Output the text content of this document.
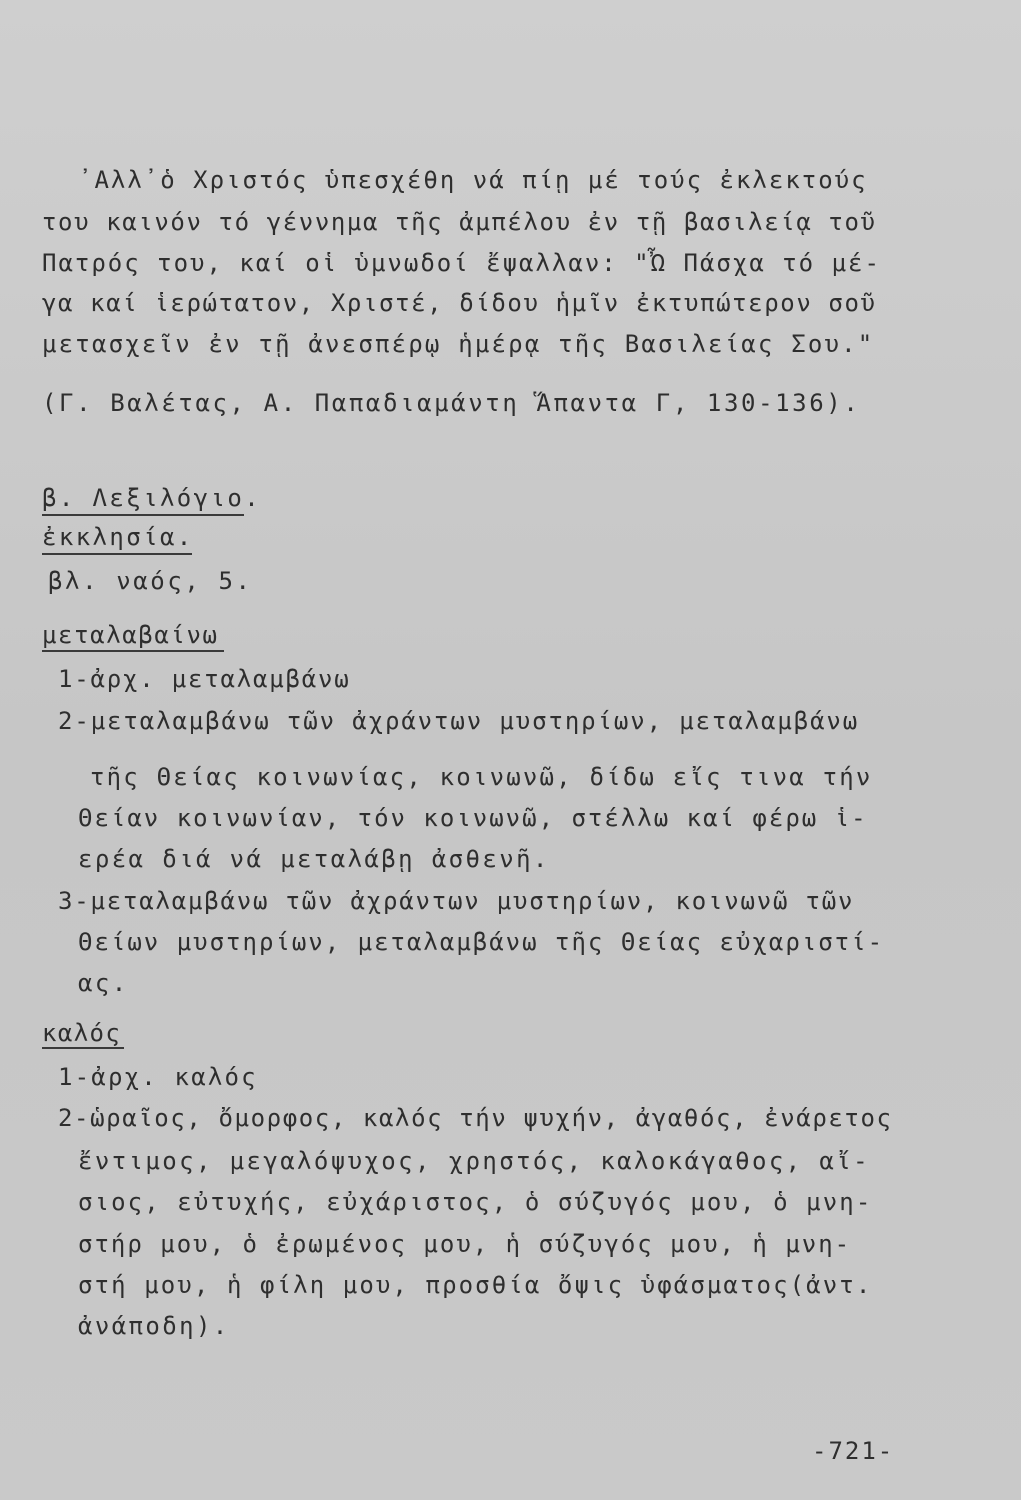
᾿Αλλ᾿ὁ Χριστός ὑπεσχέθη νά πίῃ μέ τούς ἐκλεκτούς
του καινόν τό γέννημα τῆς ἀμπέλου ἐν τῇ βασιλείᾳ τοῦ
Πατρός του, καί οἱ ὑμνωδοί ἔψαλλαν: "Ὦ Πάσχα τό μέ-
γα καί ἱερώτατον, Χριστέ, δίδου ἡμῖν ἐκτυπώτερον σοῦ
μετασχεῖν ἐν τῇ ἀνεσπέρῳ ἡμέρᾳ τῆς Βασιλείας Σου."
(Γ. Βαλέτας, Α. Παπαδιαμάντη Ἅπαντα Γ, 130-136).
β. Λεξιλόγιο.
ἐκκλησία.
βλ. ναός, 5.
μεταλαβαίνω
1-ἀρχ. μεταλαμβάνω
2-μεταλαμβάνω τῶν ἀχράντων μυστηρίων, μεταλαμβάνω
τῆς Θείας κοινωνίας, κοινωνῶ, δίδω εἴς τινα τήν
Θείαν κοινωνίαν, τόν κοινωνῶ, στέλλω καί φέρω ἱ-
ερέα διά νά μεταλάβῃ ἀσθενῆ.
3-μεταλαμβάνω τῶν ἀχράντων μυστηρίων, κοινωνῶ τῶν
Θείων μυστηρίων, μεταλαμβάνω τῆς Θείας εὐχαριστί-
ας.
καλός
1-ἀρχ. καλός
2-ὡραῖος, ὄμορφος, καλός τήν ψυχήν, ἀγαθός, ἐνάρετος
ἔντιμος, μεγαλόψυχος, χρηστός, καλοκάγαθος, αἴ-
σιος, εὐτυχής, εὐχάριστος, ὁ σύζυγός μου, ὁ μνη-
στήρ μου, ὁ ἐρωμένος μου, ἡ σύζυγός μου, ἡ μνη-
στή μου, ἡ φίλη μου, προσθία ὄψις ὑφάσματος(ἀντ.
ἀνάποδη).
-721-
